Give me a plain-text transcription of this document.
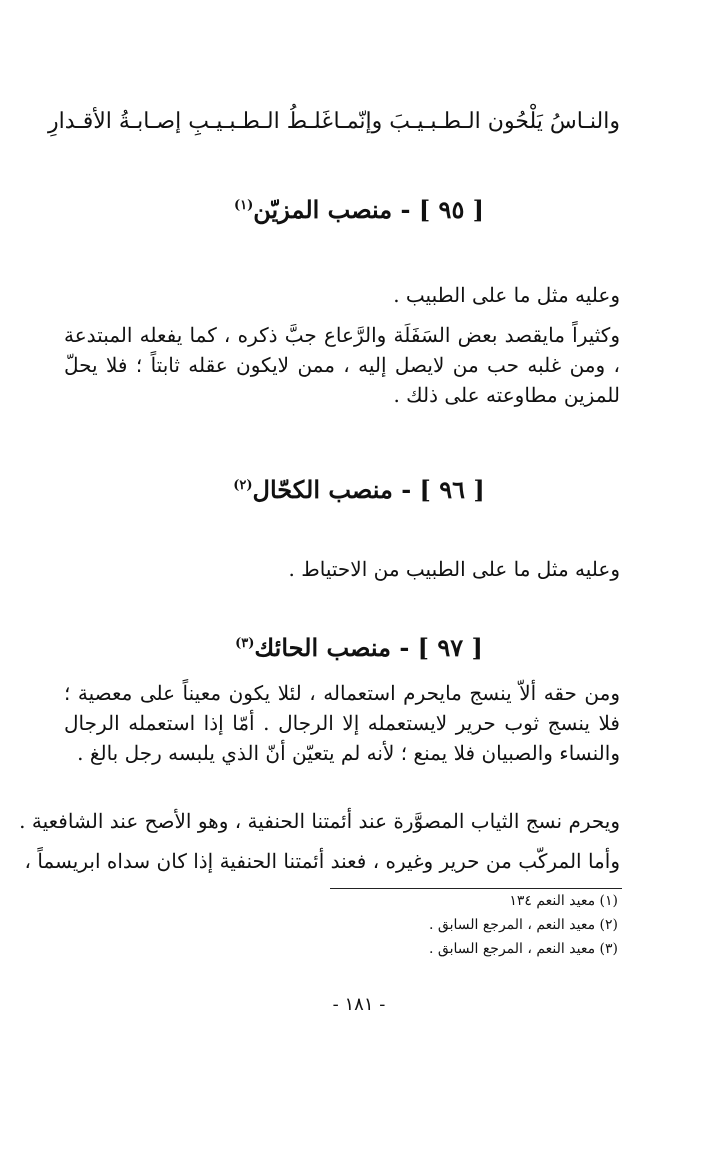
والنـاسُ يَلْحُون الـطـبـيـبَ وإنّمـا
غَلـطُ الـطـبـيـبِ إصـابـةُ الأقـدارِ
[ ٩٥ ] - منصب المزيّن$^{(١)}$
وعليه مثل ما على الطبيب .
وكثيراً مايقصد بعض السَفَلَة والرَّعاع جبَّ ذكره ، كما يفعله المبتدعة ، ومن غلبه حب من لايصل إليه ، ممن لايكون عقله ثابتاً ؛ فلا يحلّ للمزين مطاوعته على ذلك .
[ ٩٦ ] - منصب الكحّال$^{(٢)}$
وعليه مثل ما على الطبيب من الاحتياط .
[ ٩٧ ] - منصب الحائك$^{(٣)}$
ومن حقه ألاّ ينسج مايحرم استعماله ، لئلا يكون معيناً على معصية ؛ فلا ينسج ثوب حرير لايستعمله إلا الرجال . أمّا إذا استعمله الرجال والنساء والصبيان فلا يمنع ؛ لأنه لم يتعيّن أنّ الذي يلبسه رجل بالغ .
ويحرم نسج الثياب المصوَّرة عند أئمتنا الحنفية ، وهو الأصح عند الشافعية .
وأما المركّب من حرير وغيره ، فعند أئمتنا الحنفية إذا كان سداه ابريسماً ،
(١) معيد النعم ١٣٤
(٢) معيد النعم ، المرجع السابق .
(٣) معيد النعم ، المرجع السابق .
- ١٨١ -
